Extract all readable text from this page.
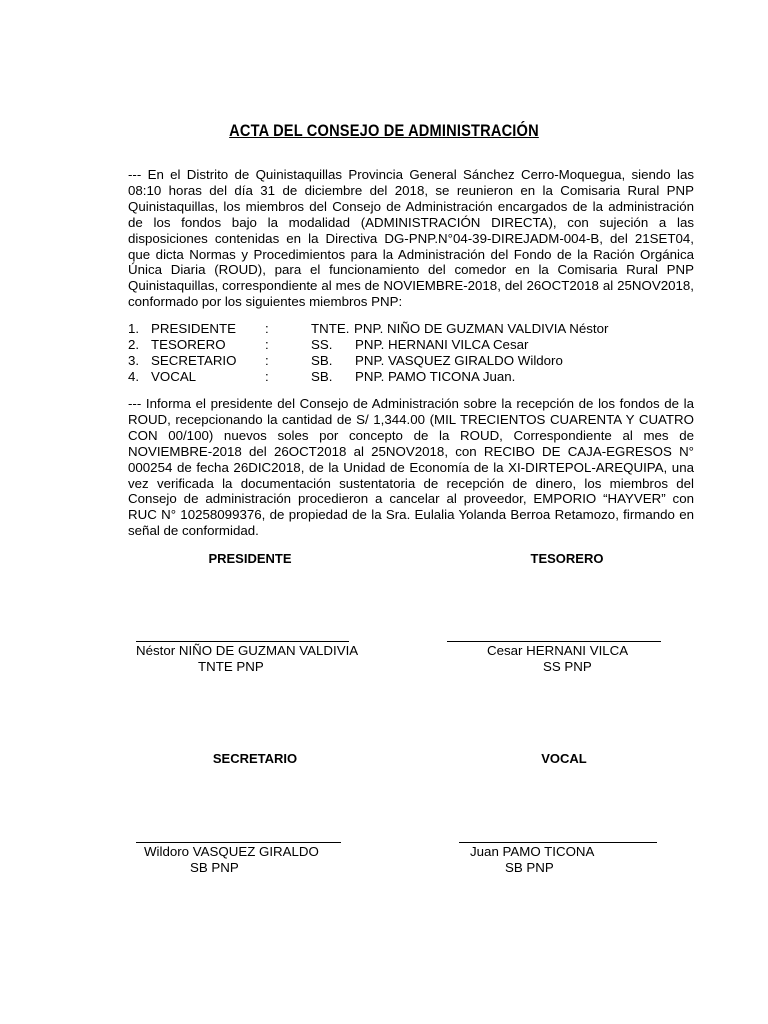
ACTA DEL CONSEJO DE ADMINISTRACIÓN

--- En el Distrito de Quinistaquillas Provincia General Sánchez Cerro-Moquegua, siendo las 08:10 horas del día 31 de diciembre del 2018, se reunieron en la Comisaria Rural PNP Quinistaquillas, los miembros del Consejo de Administración encargados de la administración de los fondos bajo la modalidad (ADMINISTRACIÓN DIRECTA), con sujeción a las disposiciones contenidas en la Directiva DG-PNP.N°04-39-DIREJADM-004-B, del 21SET04, que dicta Normas y Procedimientos para la Administración del Fondo de la Ración Orgánica Única Diaria (ROUD), para el funcionamiento del comedor en la Comisaria Rural PNP Quinistaquillas, correspondiente al mes de NOVIEMBRE-2018, del 26OCT2018 al 25NOV2018, conformado por los siguientes miembros PNP:

1. PRESIDENTE :	TNTE. PNP. NIÑO DE GUZMAN VALDIVIA Néstor
2. TESORERO	:	SS. PNP. HERNANI VILCA Cesar
3. SECRETARIO :	SB. PNP. VASQUEZ GIRALDO Wildoro
4. VOCAL	:	SB. PNP. PAMO TICONA Juan.

--- Informa el presidente del Consejo de Administración sobre la recepción de los fondos de la ROUD, recepcionando la cantidad de S/ 1,344.00 (MIL TRECIENTOS CUARENTA Y CUATRO CON 00/100) nuevos soles por concepto de la ROUD, Correspondiente al mes de NOVIEMBRE-2018 del 26OCT2018 al 25NOV2018, con RECIBO DE CAJA-EGRESOS N° 000254 de fecha 26DIC2018, de la Unidad de Economía de la XI-DIRTEPOL-AREQUIPA, una vez verificada la documentación sustentatoria de recepción de dinero, los miembros del Consejo de administración procedieron a cancelar al proveedor, EMPORIO “HAYVER” con RUC N° 10258099376, de propiedad de la Sra. Eulalia Yolanda Berroa Retamozo, firmando en señal de conformidad.

PRESIDENTE
Néstor NIÑO DE GUZMAN VALDIVIA
TNTE PNP
TESORERO
Cesar HERNANI VILCA
SS PNP
SECRETARIO
Wildoro VASQUEZ GIRALDO
SB PNP
VOCAL
Juan PAMO TICONA
SB PNP
